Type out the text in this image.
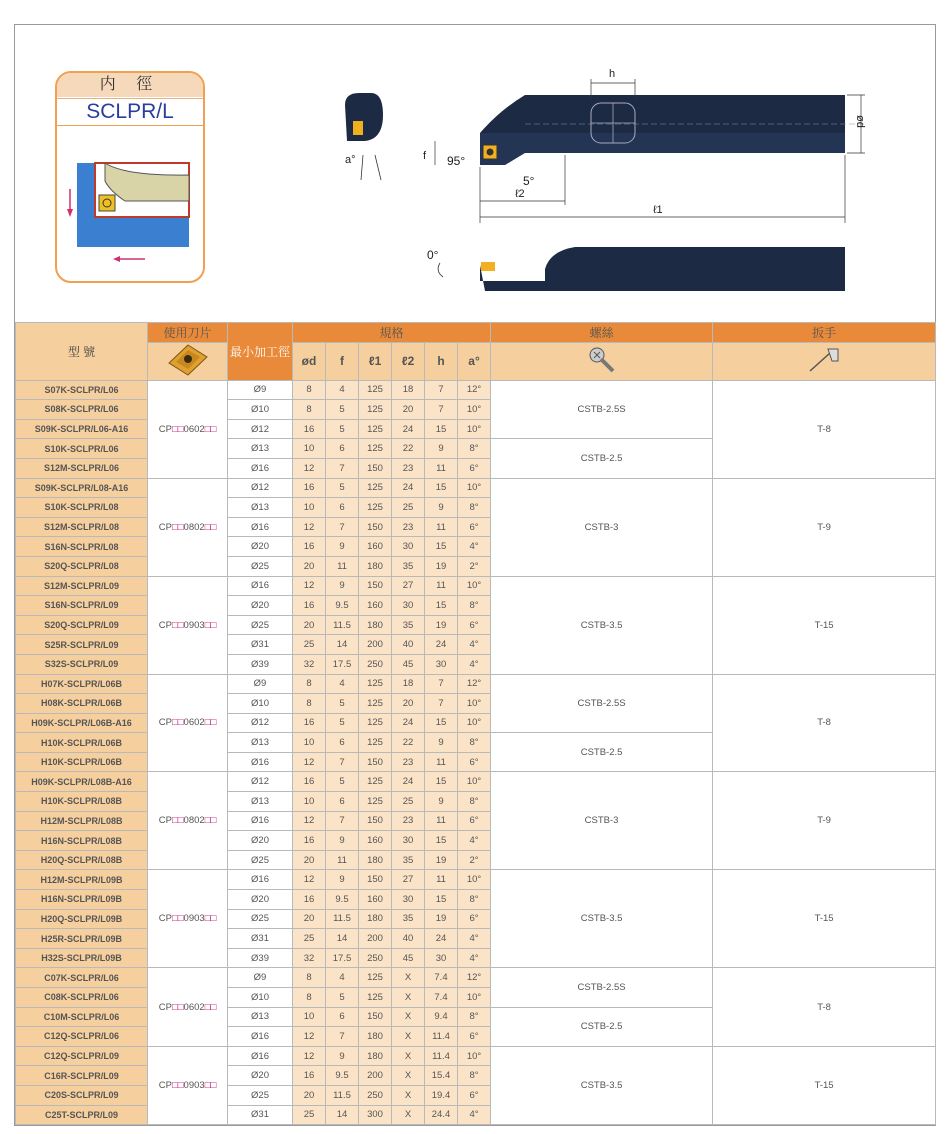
内 徑
SCLPR/L
a°
h
ød
f 95°
5°
ℓ2
ℓ1
0°
型 號	使用刀片	最小加工徑	規格						螺絲	扳手
	ød	f	ℓ1	ℓ2	h	a°		
S07K-SCLPR/L06	CP□□0602□□	Ø9	8	4	125	18	7	12°	CSTB-2.5S	T-8
S08K-SCLPR/L06		Ø10	8	5	125	20	7	10°		
S09K-SCLPR/L06-A16		Ø12	16	5	125	24	15	10°		
S10K-SCLPR/L06		Ø13	10	6	125	22	9	8°	CSTB-2.5	
S12M-SCLPR/L06		Ø16	12	7	150	23	11	6°		
S09K-SCLPR/L08-A16	CP□□0802□□	Ø12	16	5	125	24	15	10°	CSTB-3	T-9
S10K-SCLPR/L08		Ø13	10	6	125	25	9	8°		
S12M-SCLPR/L08		Ø16	12	7	150	23	11	6°		
S16N-SCLPR/L08		Ø20	16	9	160	30	15	4°		
S20Q-SCLPR/L08		Ø25	20	11	180	35	19	2°		
S12M-SCLPR/L09	CP□□0903□□	Ø16	12	9	150	27	11	10°	CSTB-3.5	T-15
S16N-SCLPR/L09		Ø20	16	9.5	160	30	15	8°		
S20Q-SCLPR/L09		Ø25	20	11.5	180	35	19	6°		
S25R-SCLPR/L09		Ø31	25	14	200	40	24	4°		
S32S-SCLPR/L09		Ø39	32	17.5	250	45	30	4°		
H07K-SCLPR/L06B	CP□□0602□□	Ø9	8	4	125	18	7	12°	CSTB-2.5S	T-8
H08K-SCLPR/L06B		Ø10	8	5	125	20	7	10°		
H09K-SCLPR/L06B-A16		Ø12	16	5	125	24	15	10°		
H10K-SCLPR/L06B		Ø13	10	6	125	22	9	8°	CSTB-2.5	
H10K-SCLPR/L06B		Ø16	12	7	150	23	11	6°		
H09K-SCLPR/L08B-A16	CP□□0802□□	Ø12	16	5	125	24	15	10°	CSTB-3	T-9
H10K-SCLPR/L08B		Ø13	10	6	125	25	9	8°		
H12M-SCLPR/L08B		Ø16	12	7	150	23	11	6°		
H16N-SCLPR/L08B		Ø20	16	9	160	30	15	4°		
H20Q-SCLPR/L08B		Ø25	20	11	180	35	19	2°		
H12M-SCLPR/L09B	CP□□0903□□	Ø16	12	9	150	27	11	10°	CSTB-3.5	T-15
H16N-SCLPR/L09B		Ø20	16	9.5	160	30	15	8°		
H20Q-SCLPR/L09B		Ø25	20	11.5	180	35	19	6°		
H25R-SCLPR/L09B		Ø31	25	14	200	40	24	4°		
H32S-SCLPR/L09B		Ø39	32	17.5	250	45	30	4°		
C07K-SCLPR/L06	CP□□0602□□	Ø9	8	4	125	X	7.4	12°	CSTB-2.5S	T-8
C08K-SCLPR/L06		Ø10	8	5	125	X	7.4	10°		
C10M-SCLPR/L06		Ø13	10	6	150	X	9.4	8°	CSTB-2.5	
C12Q-SCLPR/L06		Ø16	12	7	180	X	11.4	6°		
C12Q-SCLPR/L09	CP□□0903□□	Ø16	12	9	180	X	11.4	10°	CSTB-3.5	T-15
C16R-SCLPR/L09		Ø20	16	9.5	200	X	15.4	8°		
C20S-SCLPR/L09		Ø25	20	11.5	250	X	19.4	6°		
C25T-SCLPR/L09		Ø31	25	14	300	X	24.4	4°		
